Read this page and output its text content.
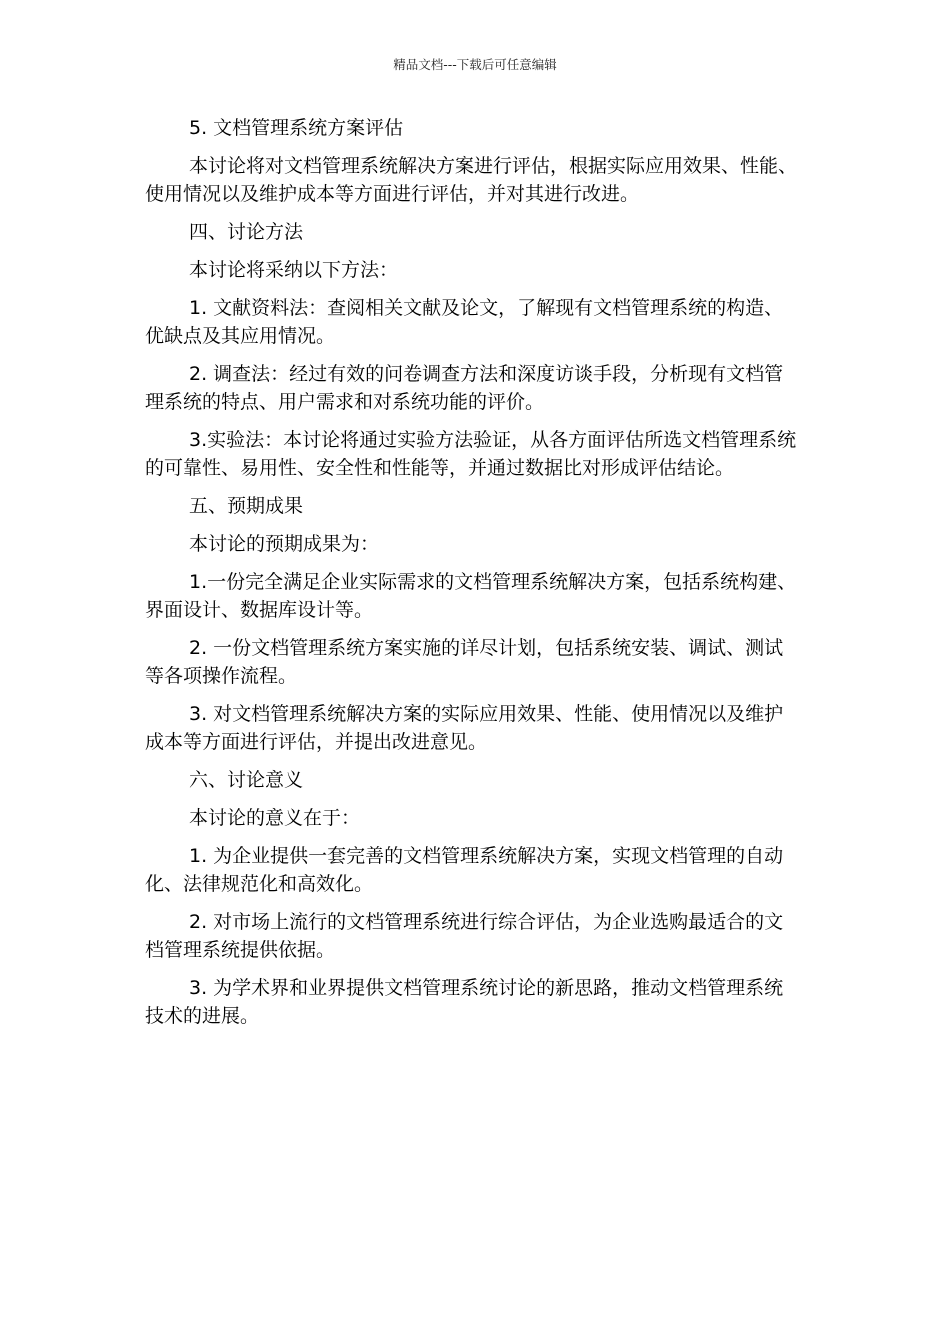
精品文档---下载后可任意编辑

5. 文档管理系统方案评估

本讨论将对文档管理系统解决方案进行评估，根据实际应用效果、性能、使用情况以及维护成本等方面进行评估，并对其进行改进。

四、讨论方法

本讨论将采纳以下方法：

1. 文献资料法：查阅相关文献及论文，了解现有文档管理系统的构造、优缺点及其应用情况。

2. 调查法：经过有效的问卷调查方法和深度访谈手段，分析现有文档管理系统的特点、用户需求和对系统功能的评价。

3.实验法：本讨论将通过实验方法验证，从各方面评估所选文档管理系统的可靠性、易用性、安全性和性能等，并通过数据比对形成评估结论。

五、预期成果

本讨论的预期成果为：

1.一份完全满足企业实际需求的文档管理系统解决方案，包括系统构建、界面设计、数据库设计等。

2. 一份文档管理系统方案实施的详尽计划，包括系统安装、调试、测试等各项操作流程。

3. 对文档管理系统解决方案的实际应用效果、性能、使用情况以及维护成本等方面进行评估，并提出改进意见。

六、讨论意义

本讨论的意义在于：

1. 为企业提供一套完善的文档管理系统解决方案，实现文档管理的自动化、法律规范化和高效化。

2. 对市场上流行的文档管理系统进行综合评估，为企业选购最适合的文档管理系统提供依据。

3. 为学术界和业界提供文档管理系统讨论的新思路，推动文档管理系统技术的进展。
